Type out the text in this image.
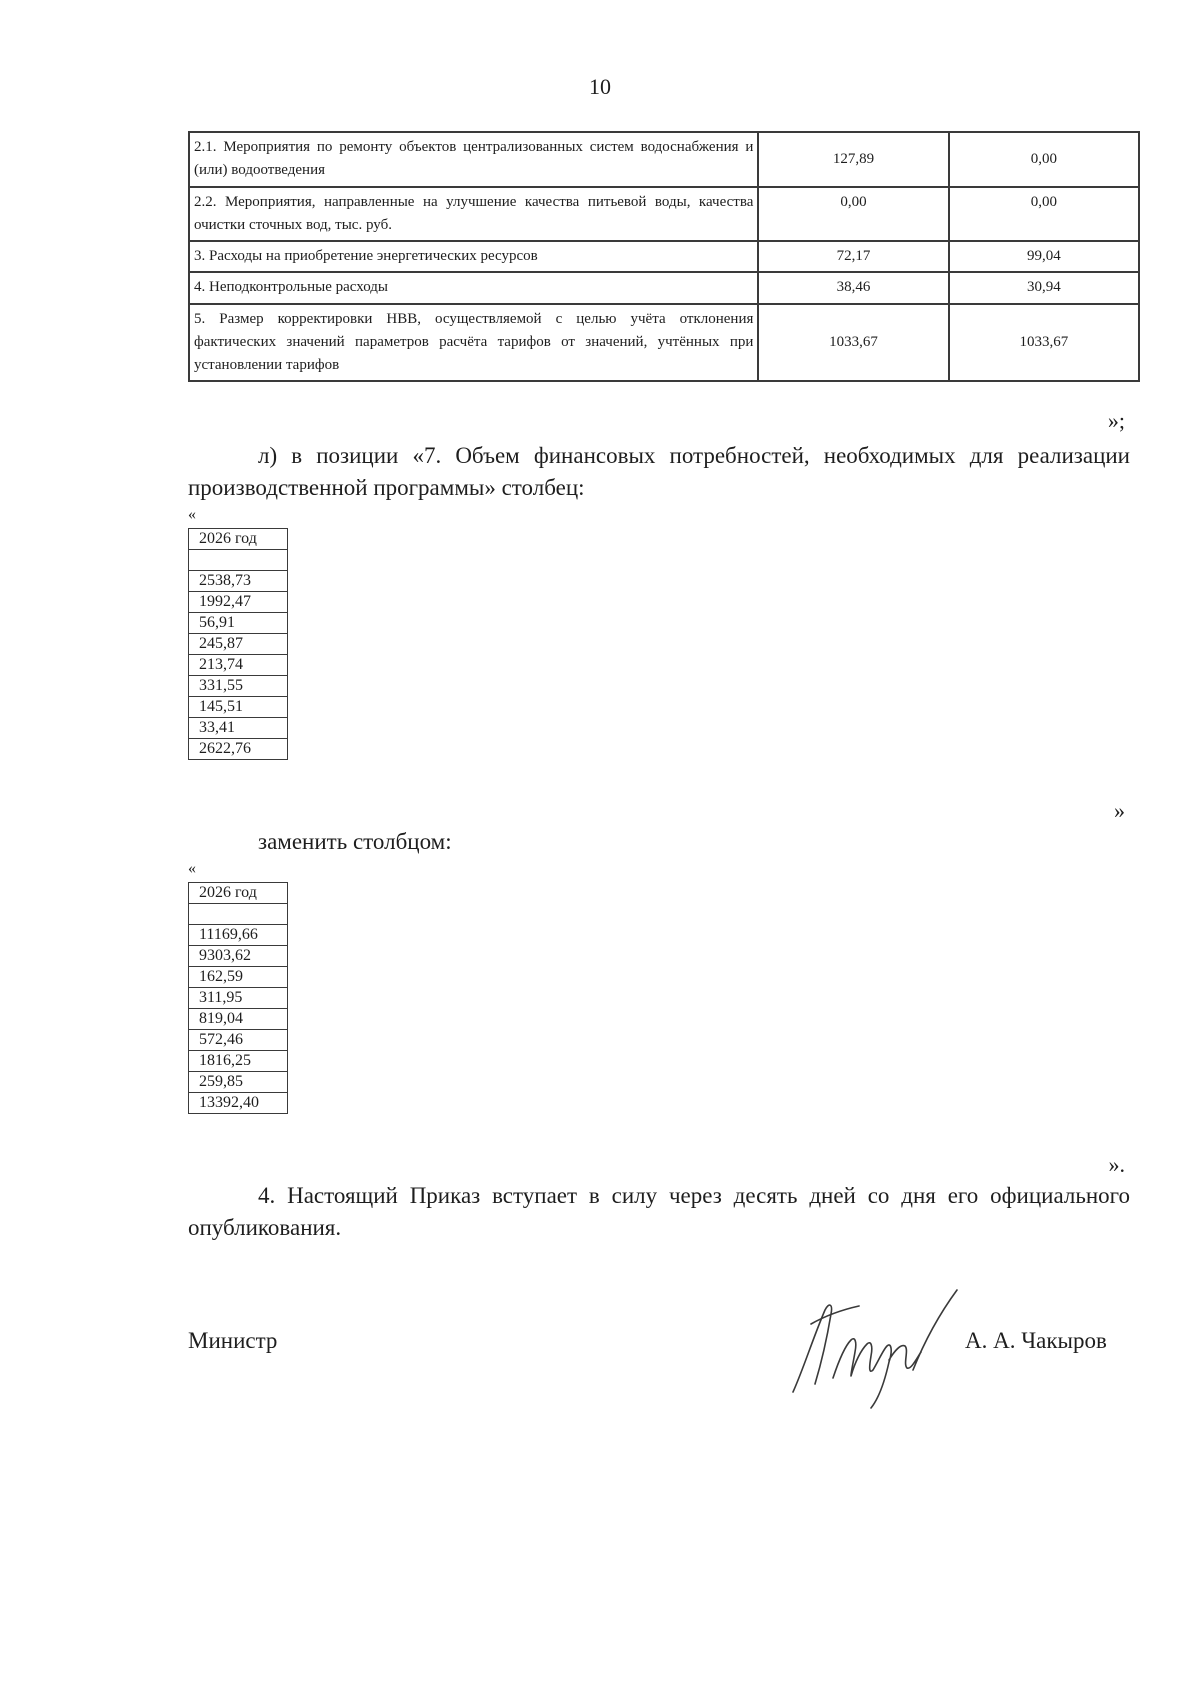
10
2.1. Мероприятия по ремонту объектов централизованных систем водоснабжения и (или) водоотведения	127,89	0,00
2.2. Мероприятия, направленные на улучшение качества питьевой воды, качества очистки сточных вод, тыс. руб.	0,00	0,00
3. Расходы на приобретение энергетических ресурсов	72,17	99,04
4. Неподконтрольные расходы	38,46	30,94
5. Размер корректировки НВВ, осуществляемой с целью учёта отклонения фактических значений параметров расчёта тарифов от значений, учтённых при установлении тарифов	1033,67	1033,67
»;
л) в позиции «7. Объем финансовых потребностей, необходимых для реализации производственной программы» столбец:
«
2026 год

2538,73
1992,47
56,91
245,87
213,74
331,55
145,51
33,41
2622,76
»
заменить столбцом:
«
2026 год

11169,66
9303,62
162,59
311,95
819,04
572,46
1816,25
259,85
13392,40
».
4. Настоящий Приказ вступает в силу через десять дней со дня его официального опубликования.
Министр	А. А. Чакыров
